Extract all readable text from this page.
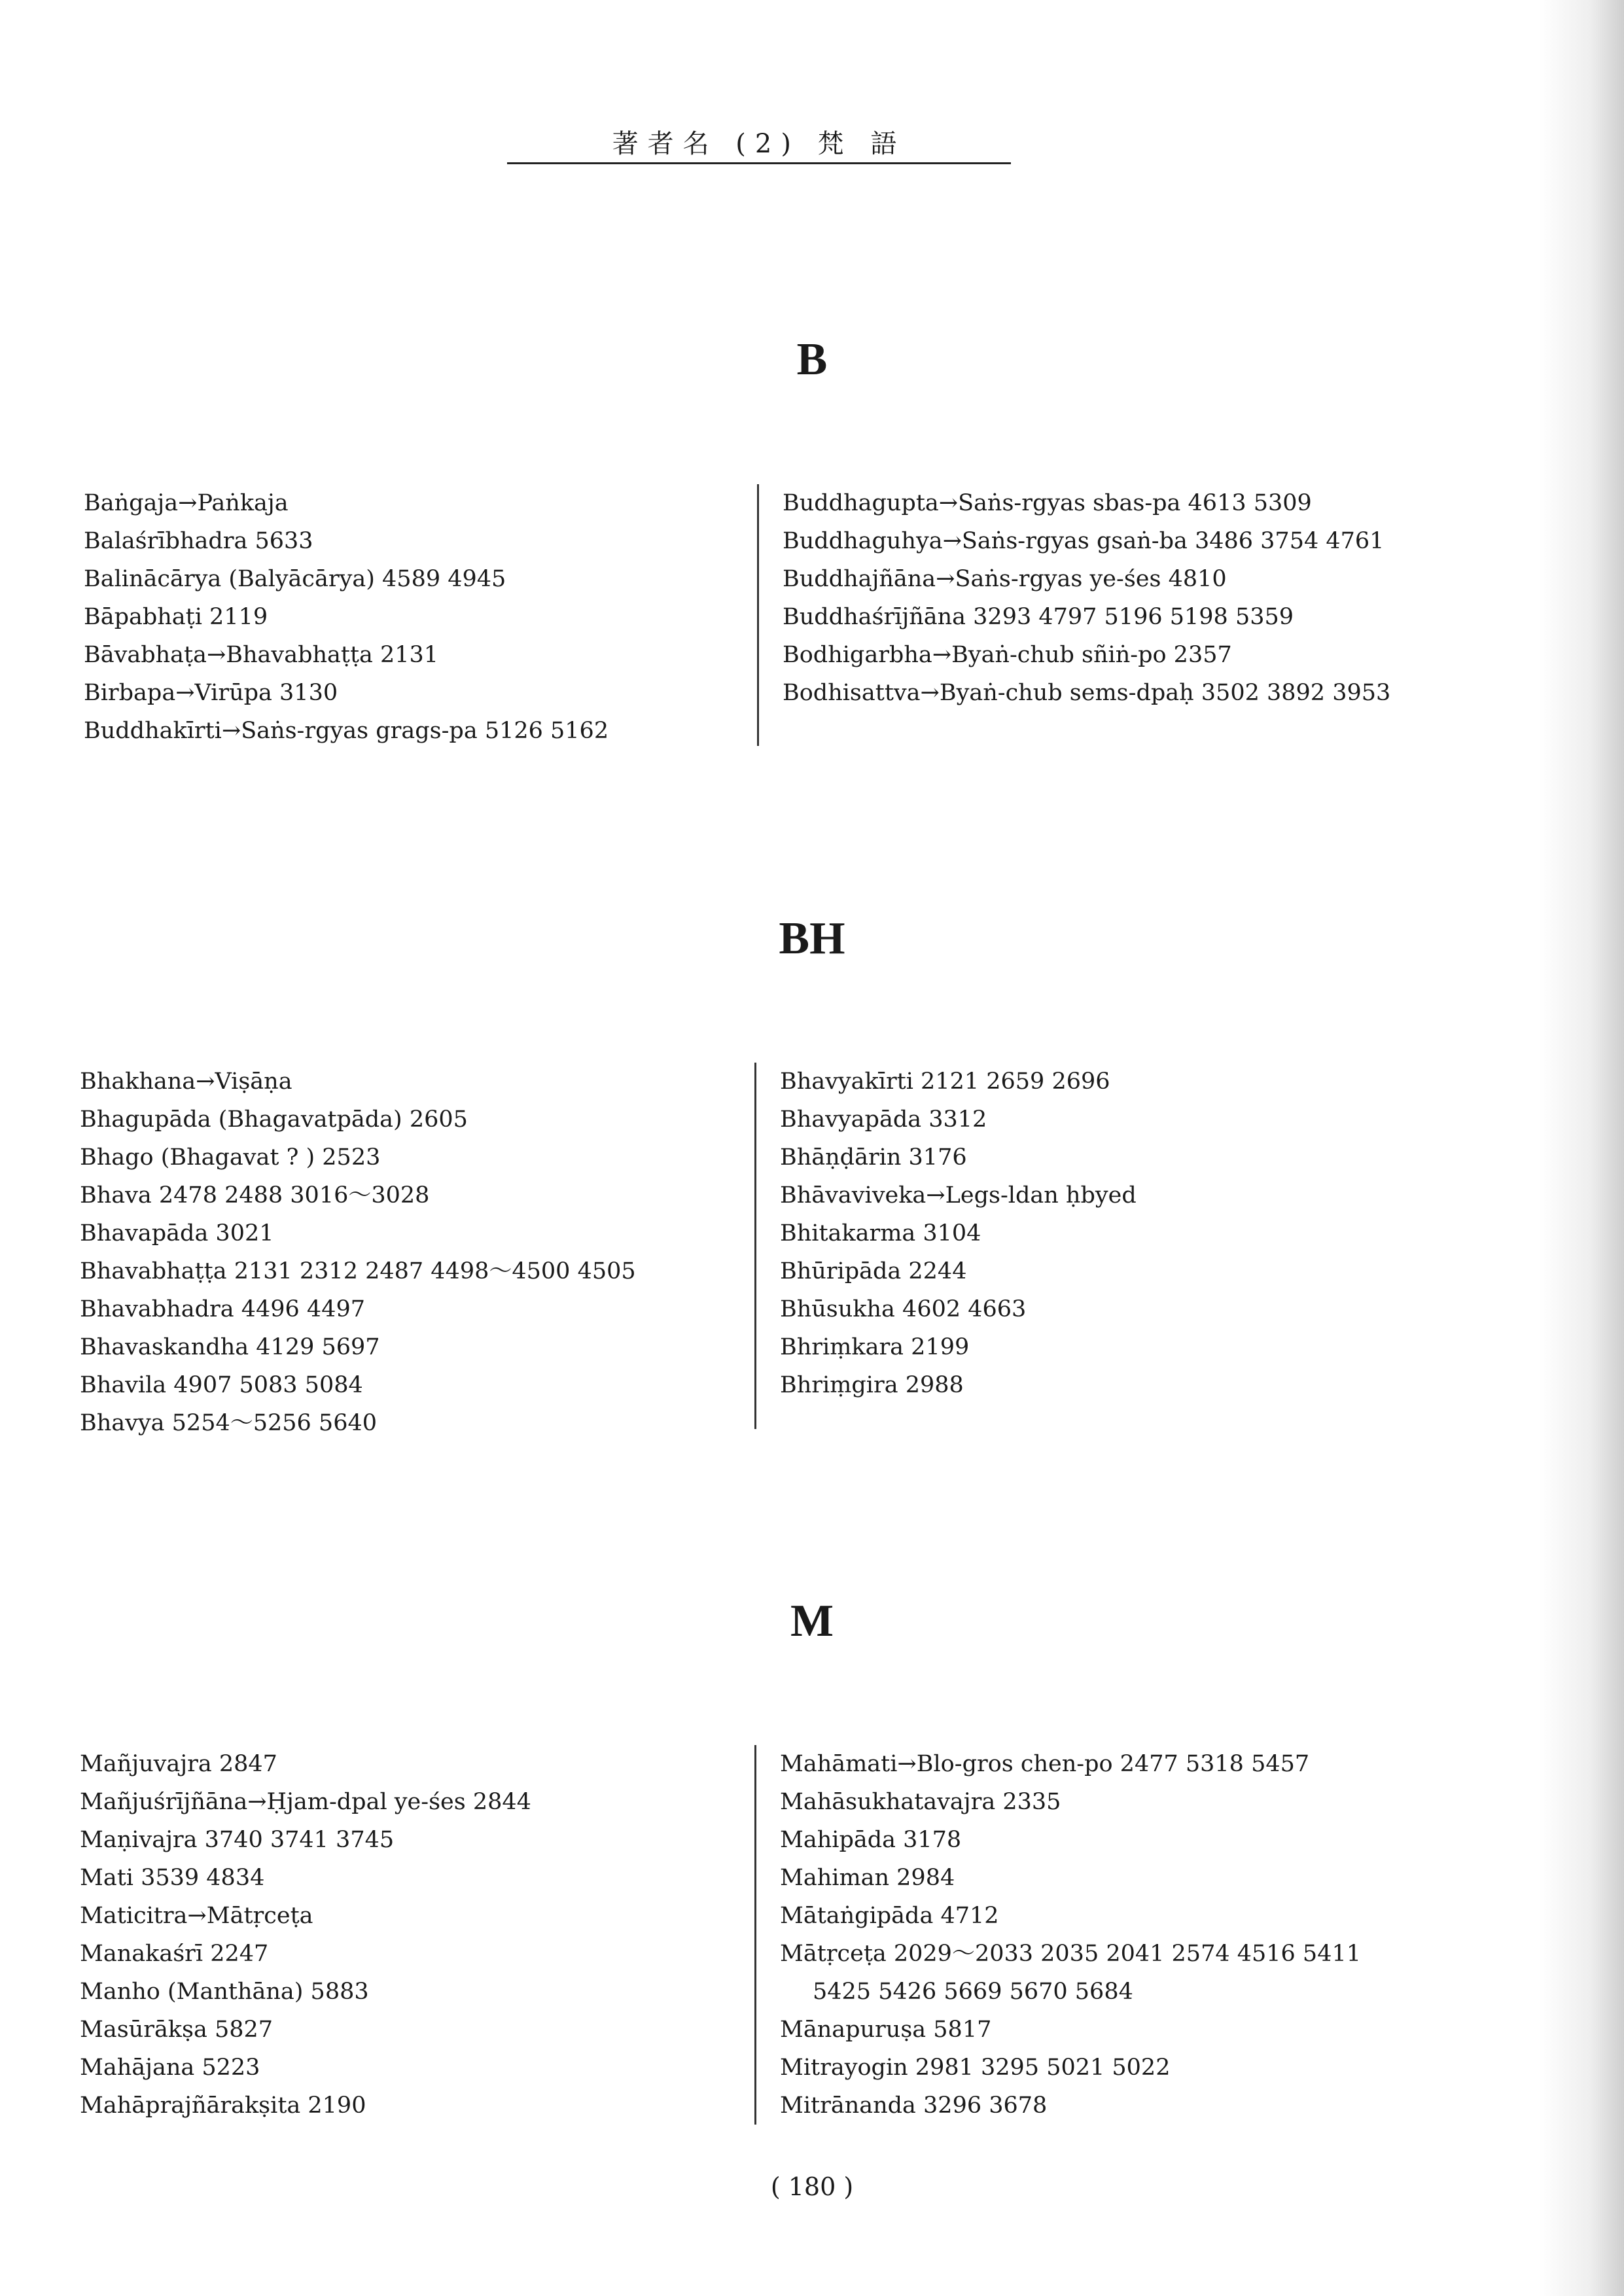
著者名 (2) 梵 語
B

Baṅgaja→Paṅkaja

Balaśrībhadra 5633

Balinācārya (Balyācārya) 4589 4945

Bāpabhaṭi 2119

Bāvabhaṭa→Bhavabhaṭṭa 2131

Birbapa→Virūpa 3130

Buddhakīrti→Saṅs-rgyas grags-pa 5126 5162

Buddhagupta→Saṅs-rgyas sbas-pa 4613 5309

Buddhaguhya→Saṅs-rgyas gsaṅ-ba 3486 3754 4761

Buddhajñāna→Saṅs-rgyas ye-śes 4810

Buddhaśrījñāna 3293 4797 5196 5198 5359

Bodhigarbha→Byaṅ-chub sñiṅ-po 2357

Bodhisattva→Byaṅ-chub sems-dpaḥ 3502 3892 3953

BH

Bhakhana→Viṣāṇa

Bhagupāda (Bhagavatpāda) 2605

Bhago (Bhagavat ? ) 2523

Bhava 2478 2488 3016～3028

Bhavapāda 3021

Bhavabhaṭṭa 2131 2312 2487 4498～4500 4505

Bhavabhadra 4496 4497

Bhavaskandha 4129 5697

Bhavila 4907 5083 5084

Bhavya 5254～5256 5640

Bhavyakīrti 2121 2659 2696

Bhavyapāda 3312

Bhāṇḍārin 3176

Bhāvaviveka→Legs-ldan ḥbyed

Bhitakarma 3104

Bhūripāda 2244

Bhūsukha 4602 4663

Bhriṃkara 2199

Bhriṃgira 2988

M

Mañjuvajra 2847

Mañjuśrījñāna→Ḥjam-dpal ye-śes 2844

Maṇivajra 3740 3741 3745

Mati 3539 4834

Maticitra→Mātṛceṭa

Manakaśrī 2247

Manho (Manthāna) 5883

Masūrākṣa 5827

Mahājana 5223

Mahāprajñārakṣita 2190

Mahāmati→Blo-gros chen-po 2477 5318 5457

Mahāsukhatavajra 2335

Mahipāda 3178

Mahiman 2984

Mātaṅgipāda 4712

Mātṛceṭa 2029～2033 2035 2041 2574 4516 5411

5425 5426 5669 5670 5684

Mānapuruṣa 5817

Mitrayogin 2981 3295 5021 5022

Mitrānanda 3296 3678

( 180 )
